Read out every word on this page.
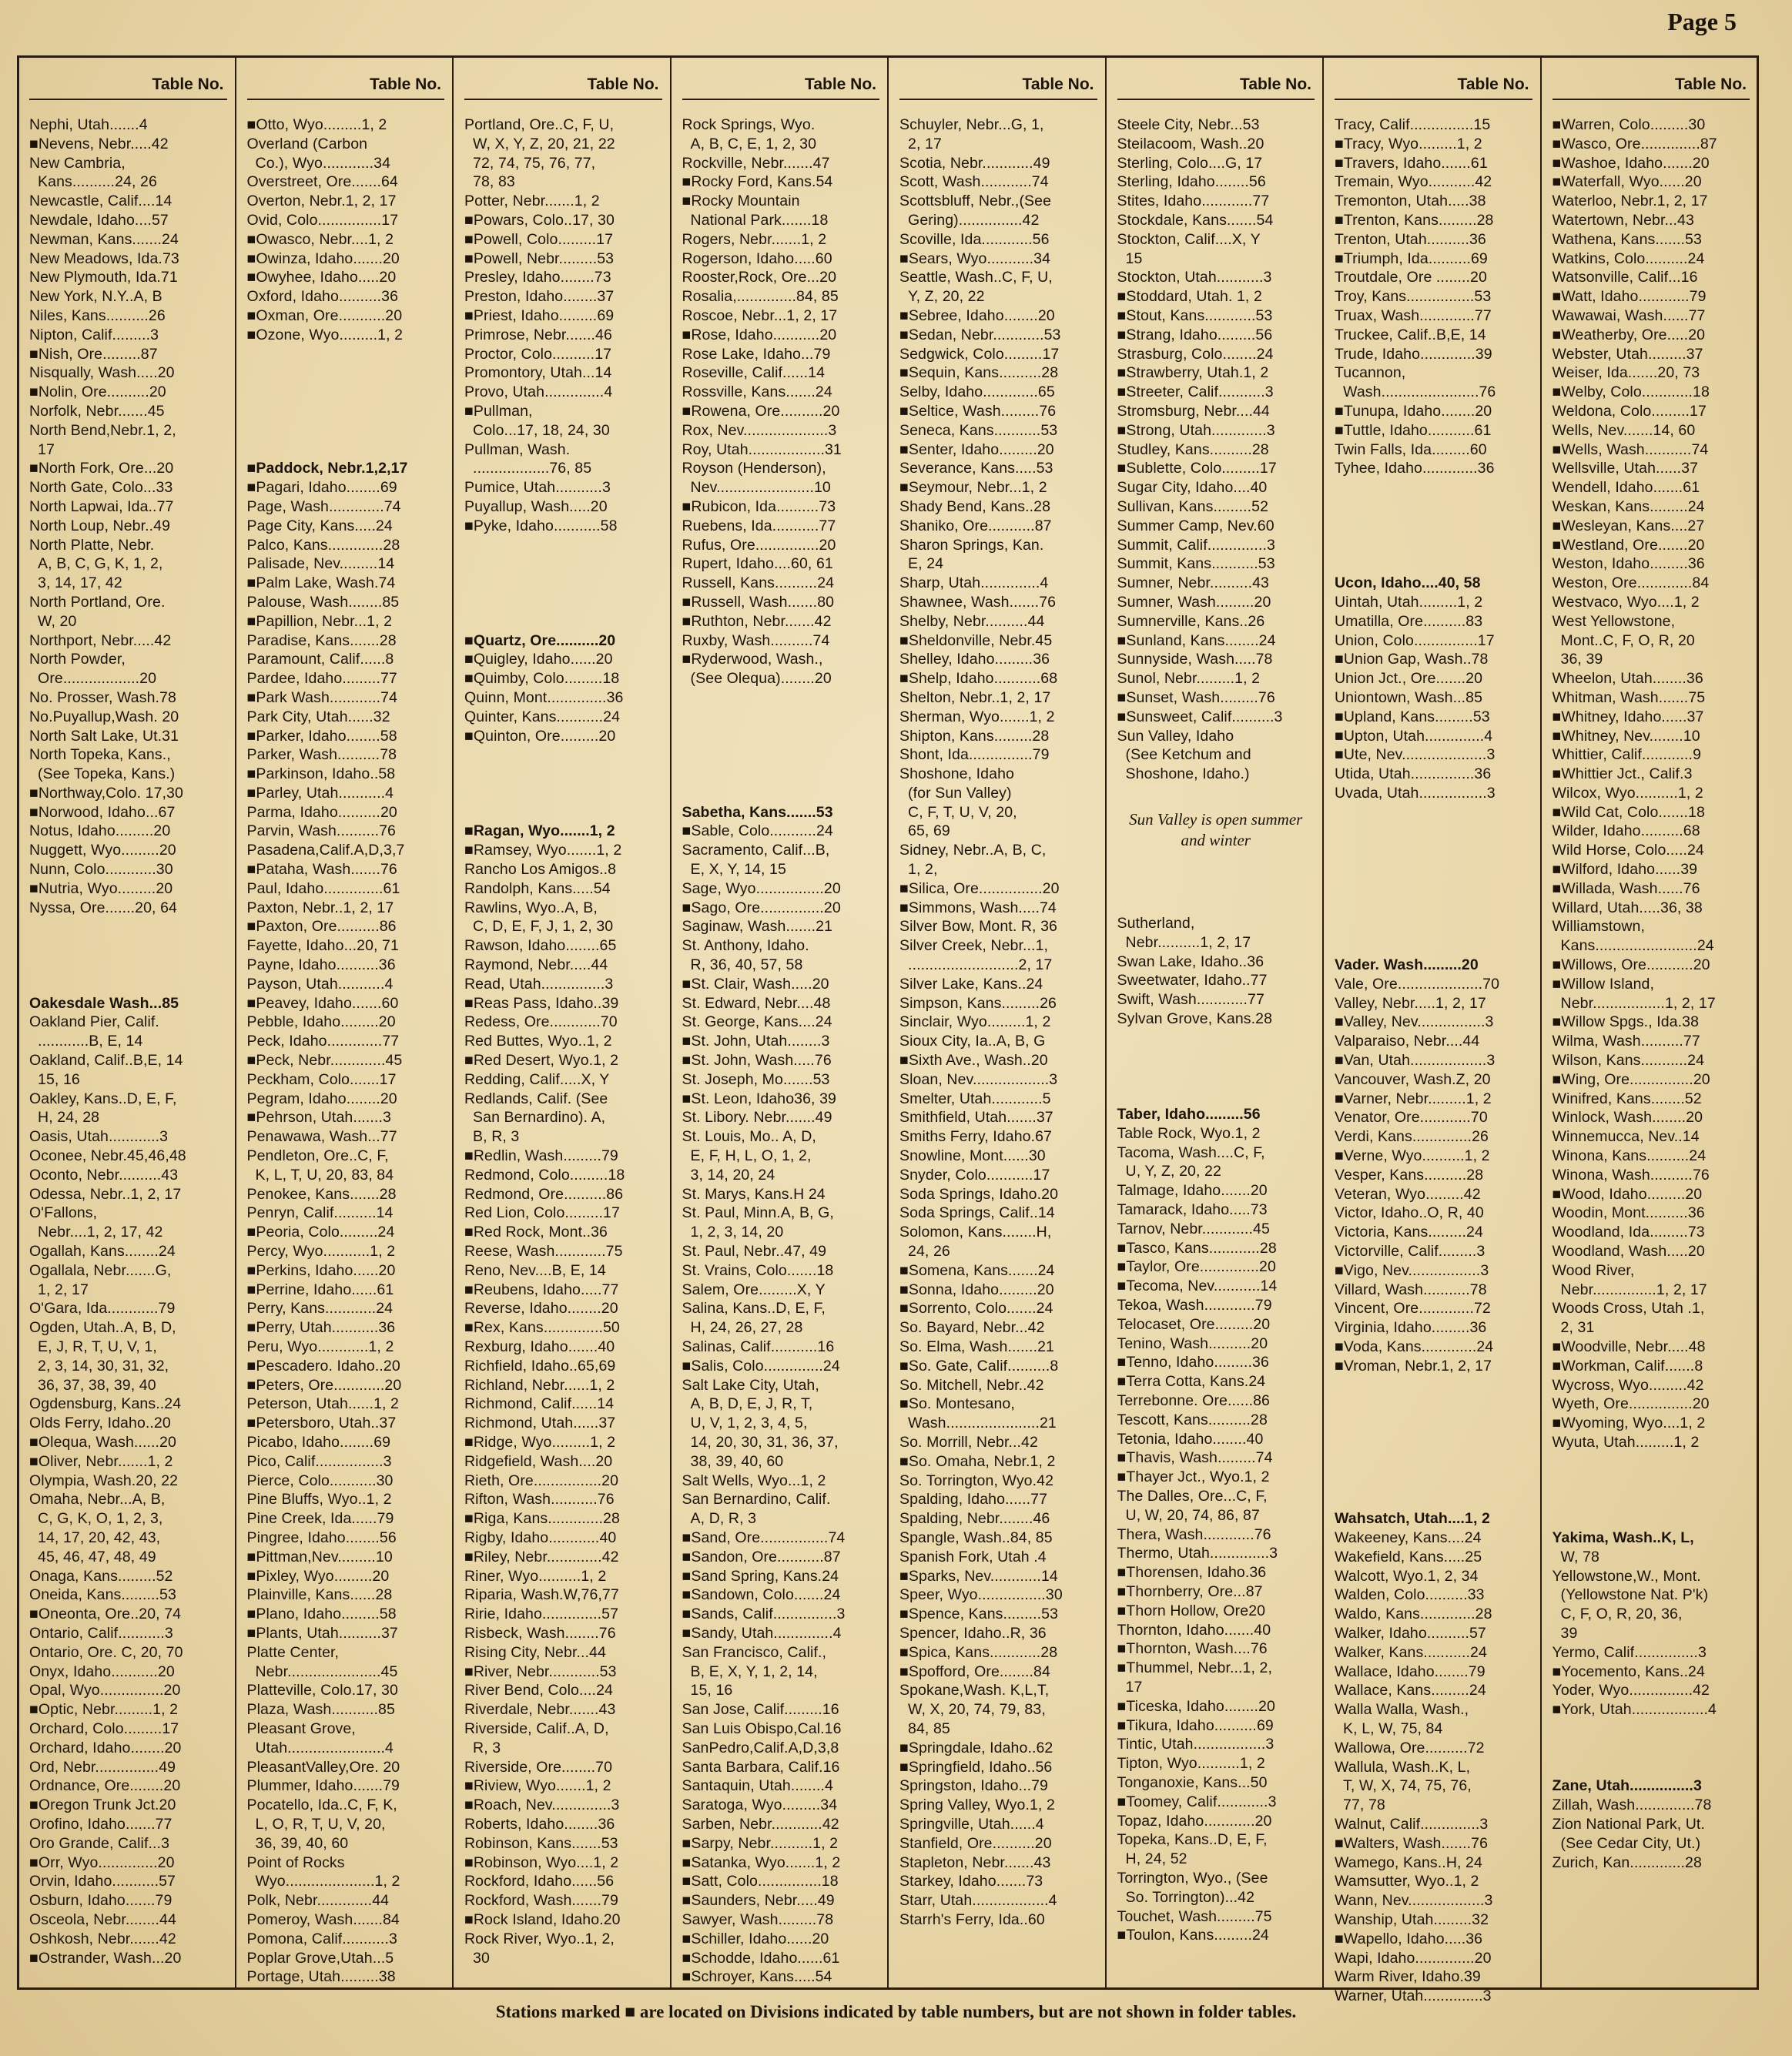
Page 5
Table No.
Nephi, Utah.......4
■Nevens, Nebr.....42
New Cambria,
Kans..........24, 26
Newcastle, Calif....14
Newdale, Idaho....57
Newman, Kans.......24
New Meadows, Ida.73
New Plymouth, Ida.71
New York, N.Y..A, B
Niles, Kans..........26
Nipton, Calif.........3
■Nish, Ore.........87
Nisqually, Wash.....20
■Nolin, Ore..........20
Norfolk, Nebr.......45
North Bend,Nebr.1, 2,
17
■North Fork, Ore...20
North Gate, Colo...33
North Lapwai, Ida..77
North Loup, Nebr..49
North Platte, Nebr.
A, B, C, G, K, 1, 2,
3, 14, 17, 42
North Portland, Ore.
W, 20
Northport, Nebr.....42
North Powder,
Ore..................20
No. Prosser, Wash.78
No.Puyallup,Wash. 20
North Salt Lake, Ut.31
North Topeka, Kans.,
(See Topeka, Kans.)
■Northway,Colo. 17,30
■Norwood, Idaho...67
Notus, Idaho.........20
Nuggett, Wyo.........20
Nunn, Colo............30
■Nutria, Wyo.........20
Nyssa, Ore.......20, 64
Oakesdale Wash...85
Oakland Pier, Calif.
............B, E, 14
Oakland, Calif..B,E, 14
15, 16
Oakley, Kans..D, E, F,
H, 24, 28
Oasis, Utah............3
Oconee, Nebr.45,46,48
Oconto, Nebr..........43
Odessa, Nebr..1, 2, 17
O'Fallons,
Nebr....1, 2, 17, 42
Ogallah, Kans........24
Ogallala, Nebr.......G,
1, 2, 17
O'Gara, Ida............79
Ogden, Utah..A, B, D,
E, J, R, T, U, V, 1,
2, 3, 14, 30, 31, 32,
36, 37, 38, 39, 40
Ogdensburg, Kans..24
Olds Ferry, Idaho..20
■Olequa, Wash......20
■Oliver, Nebr.......1, 2
Olympia, Wash.20, 22
Omaha, Nebr...A, B,
C, G, K, O, 1, 2, 3,
14, 17, 20, 42, 43,
45, 46, 47, 48, 49
Onaga, Kans.........52
Oneida, Kans.........53
■Oneonta, Ore..20, 74
Ontario, Calif...........3
Ontario, Ore. C, 20, 70
Onyx, Idaho...........20
Opal, Wyo...............20
■Optic, Nebr.........1, 2
Orchard, Colo.........17
Orchard, Idaho........20
Ord, Nebr...............49
Ordnance, Ore........20
■Oregon Trunk Jct.20
Orofino, Idaho.......77
Oro Grande, Calif...3
■Orr, Wyo..............20
Orvin, Idaho...........57
Osburn, Idaho.......79
Osceola, Nebr........44
Oshkosh, Nebr.......42
■Ostrander, Wash...20
Table No.
■Otto, Wyo.........1, 2
Overland (Carbon
Co.), Wyo............34
Overstreet, Ore.......64
Overton, Nebr.1, 2, 17
Ovid, Colo...............17
■Owasco, Nebr....1, 2
■Owinza, Idaho.......20
■Owyhee, Idaho.....20
Oxford, Idaho..........36
■Oxman, Ore...........20
■Ozone, Wyo.........1, 2
■Paddock, Nebr.1,2,17
■Pagari, Idaho........69
Page, Wash.............74
Page City, Kans.....24
Palco, Kans.............28
Palisade, Nev.........14
■Palm Lake, Wash.74
Palouse, Wash........85
■Papillion, Nebr...1, 2
Paradise, Kans.......28
Paramount, Calif......8
Pardee, Idaho.........77
■Park Wash............74
Park City, Utah......32
■Parker, Idaho........58
Parker, Wash..........78
■Parkinson, Idaho..58
■Parley, Utah...........4
Parma, Idaho..........20
Parvin, Wash..........76
Pasadena,Calif.A,D,3,7
■Pataha, Wash.......76
Paul, Idaho..............61
Paxton, Nebr..1, 2, 17
■Paxton, Ore..........86
Fayette, Idaho...20, 71
Payne, Idaho..........36
Payson, Utah...........4
■Peavey, Idaho.......60
Pebble, Idaho.........20
Peck, Idaho.............77
■Peck, Nebr.............45
Peckham, Colo.......17
Pegram, Idaho........20
■Pehrson, Utah.......3
Penawawa, Wash...77
Pendleton, Ore..C, F,
K, L, T, U, 20, 83, 84
Penokee, Kans.......28
Penryn, Calif..........14
■Peoria, Colo.........24
Percy, Wyo...........1, 2
■Perkins, Idaho......20
■Perrine, Idaho......61
Perry, Kans............24
■Perry, Utah...........36
Peru, Wyo............1, 2
■Pescadero. Idaho..20
■Peters, Ore............20
Peterson, Utah......1, 2
■Petersboro, Utah..37
Picabo, Idaho........69
Pico, Calif................3
Pierce, Colo...........30
Pine Bluffs, Wyo..1, 2
Pine Creek, Ida......79
Pingree, Idaho........56
■Pittman,Nev.........10
■Pixley, Wyo.........20
Plainville, Kans......28
■Plano, Idaho.........58
■Plants, Utah..........37
Platte Center,
Nebr......................45
Platteville, Colo.17, 30
Plaza, Wash...........85
Pleasant Grove,
Utah.......................4
PleasantValley,Ore. 20
Plummer, Idaho.......79
Pocatello, Ida..C, F, K,
L, O, R, T, U, V, 20,
36, 39, 40, 60
Point of Rocks
Wyo.....................1, 2
Polk, Nebr.............44
Pomeroy, Wash.......84
Pomona, Calif...........3
Poplar Grove,Utah...5
Portage, Utah.........38
Table No.
Portland, Ore..C, F, U,
W, X, Y, Z, 20, 21, 22
72, 74, 75, 76, 77,
78, 83
Potter, Nebr.......1, 2
■Powars, Colo..17, 30
■Powell, Colo.........17
■Powell, Nebr.........53
Presley, Idaho........73
Preston, Idaho........37
■Priest, Idaho.........69
Primrose, Nebr.......46
Proctor, Colo..........17
Promontory, Utah...14
Provo, Utah..............4
■Pullman,
Colo...17, 18, 24, 30
Pullman, Wash.
..................76, 85
Pumice, Utah...........3
Puyallup, Wash.....20
■Pyke, Idaho...........58
■Quartz, Ore..........20
■Quigley, Idaho......20
■Quimby, Colo.........18
Quinn, Mont..............36
Quinter, Kans...........24
■Quinton, Ore.........20
■Ragan, Wyo.......1, 2
■Ramsey, Wyo.......1, 2
Rancho Los Amigos..8
Randolph, Kans.....54
Rawlins, Wyo..A, B,
C, D, E, F, J, 1, 2, 30
Rawson, Idaho........65
Raymond, Nebr.....44
Read, Utah...............3
■Reas Pass, Idaho..39
Redess, Ore............70
Red Buttes, Wyo..1, 2
■Red Desert, Wyo.1, 2
Redding, Calif.....X, Y
Redlands, Calif. (See
San Bernardino). A,
B, R, 3
■Redlin, Wash.........79
Redmond, Colo.........18
Redmond, Ore..........86
Red Lion, Colo.........17
■Red Rock, Mont..36
Reese, Wash............75
Reno, Nev....B, E, 14
■Reubens, Idaho.....77
Reverse, Idaho........20
■Rex, Kans..............50
Rexburg, Idaho.......40
Richfield, Idaho..65,69
Richland, Nebr......1, 2
Richmond, Calif......14
Richmond, Utah......37
■Ridge, Wyo.........1, 2
Ridgefield, Wash....20
Rieth, Ore................20
Rifton, Wash...........76
■Riga, Kans.............28
Rigby, Idaho............40
■Riley, Nebr.............42
Riner, Wyo..........1, 2
Riparia, Wash.W,76,77
Ririe, Idaho..............57
Risbeck, Wash........76
Rising City, Nebr...44
■River, Nebr............53
River Bend, Colo....24
Riverdale, Nebr.......43
Riverside, Calif..A, D,
R, 3
Riverside, Ore........70
■Riview, Wyo.......1, 2
■Roach, Nev..............3
Roberts, Idaho........36
Robinson, Kans.......53
■Robinson, Wyo....1, 2
Rockford, Idaho......56
Rockford, Wash.......79
■Rock Island, Idaho.20
Rock River, Wyo..1, 2,
30
Table No.
Rock Springs, Wyo.
A, B, C, E, 1, 2, 30
Rockville, Nebr.......47
■Rocky Ford, Kans.54
■Rocky Mountain
National Park.......18
Rogers, Nebr.......1, 2
Rogerson, Idaho.....60
Rooster,Rock, Ore...20
Rosalia,..............84, 85
Roscoe, Nebr...1, 2, 17
■Rose, Idaho...........20
Rose Lake, Idaho...79
Roseville, Calif......14
Rossville, Kans.......24
■Rowena, Ore..........20
Rox, Nev....................3
Roy, Utah..................31
Royson (Henderson),
Nev.......................10
■Rubicon, Ida..........73
Ruebens, Ida...........77
Rufus, Ore...............20
Rupert, Idaho....60, 61
Russell, Kans..........24
■Russell, Wash.......80
■Ruthton, Nebr.......42
Ruxby, Wash..........74
■Ryderwood, Wash.,
(See Olequa)........20
Sabetha, Kans.......53
■Sable, Colo...........24
Sacramento, Calif...B,
E, X, Y, 14, 15
Sage, Wyo................20
■Sago, Ore...............20
Saginaw, Wash.......21
St. Anthony, Idaho.
R, 36, 40, 57, 58
■St. Clair, Wash.....20
St. Edward, Nebr....48
St. George, Kans....24
■St. John, Utah........3
■St. John, Wash.....76
St. Joseph, Mo.......53
■St. Leon, Idaho36, 39
St. Libory. Nebr.......49
St. Louis, Mo.. A, D,
E, F, H, L, O, 1, 2,
3, 14, 20, 24
St. Marys, Kans.H 24
St. Paul, Minn.A, B, G,
1, 2, 3, 14, 20
St. Paul, Nebr..47, 49
St. Vrains, Colo.......18
Salem, Ore.........X, Y
Salina, Kans..D, E, F,
H, 24, 26, 27, 28
Salinas, Calif...........16
■Salis, Colo..............24
Salt Lake City, Utah,
A, B, D, E, J, R, T,
U, V, 1, 2, 3, 4, 5,
14, 20, 30, 31, 36, 37,
38, 39, 40, 60
Salt Wells, Wyo...1, 2
San Bernardino, Calif.
A, D, R, 3
■Sand, Ore................74
■Sandon, Ore...........87
■Sand Spring, Kans.24
■Sandown, Colo.......24
■Sands, Calif...............3
■Sandy, Utah..............4
San Francisco, Calif.,
B, E, X, Y, 1, 2, 14,
15, 16
San Jose, Calif.........16
San Luis Obispo,Cal.16
SanPedro,Calif.A,D,3,8
Santa Barbara, Calif.16
Santaquin, Utah........4
Saratoga, Wyo.........34
Sarben, Nebr............42
■Sarpy, Nebr..........1, 2
■Satanka, Wyo.......1, 2
■Satt, Colo...............18
■Saunders, Nebr.....49
Sawyer, Wash.........78
■Schiller, Idaho......20
■Schodde, Idaho......61
■Schroyer, Kans.....54
Table No.
Schuyler, Nebr...G, 1,
2, 17
Scotia, Nebr............49
Scott, Wash............74
Scottsbluff, Nebr.,(See
Gering)...............42
Scoville, Ida............56
■Sears, Wyo...........34
Seattle, Wash..C, F, U,
Y, Z, 20, 22
■Sebree, Idaho........20
■Sedan, Nebr............53
Sedgwick, Colo.........17
■Sequin, Kans..........28
Selby, Idaho.............65
■Seltice, Wash.........76
Seneca, Kans...........53
■Senter, Idaho.........20
Severance, Kans.....53
■Seymour, Nebr...1, 2
Shady Bend, Kans..28
Shaniko, Ore...........87
Sharon Springs, Kan.
E, 24
Sharp, Utah..............4
Shawnee, Wash.......76
Shelby, Nebr..........44
■Sheldonville, Nebr.45
Shelley, Idaho.........36
■Shelp, Idaho...........68
Shelton, Nebr..1, 2, 17
Sherman, Wyo.......1, 2
Shipton, Kans.........28
Shont, Ida...............79
Shoshone, Idaho
(for Sun Valley)
C, F, T, U, V, 20,
65, 69
Sidney, Nebr..A, B, C,
1, 2,
■Silica, Ore...............20
■Simmons, Wash.....74
Silver Bow, Mont. R, 36
Silver Creek, Nebr...1,
..........................2, 17
Silver Lake, Kans..24
Simpson, Kans.........26
Sinclair, Wyo.........1, 2
Sioux City, Ia..A, B, G
■Sixth Ave., Wash..20
Sloan, Nev..................3
Smelter, Utah............5
Smithfield, Utah.......37
Smiths Ferry, Idaho.67
Snowline, Mont......30
Snyder, Colo...........17
Soda Springs, Idaho.20
Soda Springs, Calif..14
Solomon, Kans........H,
24, 26
■Somena, Kans.......24
■Sonna, Idaho.........20
■Sorrento, Colo.......24
So. Bayard, Nebr...42
So. Elma, Wash.......21
■So. Gate, Calif..........8
So. Mitchell, Nebr..42
■So. Montesano,
Wash......................21
So. Morrill, Nebr...42
■So. Omaha, Nebr.1, 2
So. Torrington, Wyo.42
Spalding, Idaho......77
Spalding, Nebr........46
Spangle, Wash..84, 85
Spanish Fork, Utah .4
■Sparks, Nev............14
Speer, Wyo................30
■Spence, Kans.........53
Spencer, Idaho..R, 36
■Spica, Kans............28
■Spofford, Ore........84
Spokane,Wash. K,L,T,
W, X, 20, 74, 79, 83,
84, 85
■Springdale, Idaho..62
■Springfield, Idaho..56
Springston, Idaho...79
Spring Valley, Wyo.1, 2
Springville, Utah......4
Stanfield, Ore..........20
Stapleton, Nebr.......43
Starkey, Idaho.......73
Starr, Utah..................4
Starrh's Ferry, Ida..60
Table No.
Steele City, Nebr...53
Steilacoom, Wash..20
Sterling, Colo....G, 17
Sterling, Idaho........56
Stites, Idaho............77
Stockdale, Kans.......54
Stockton, Calif....X, Y
15
Stockton, Utah...........3
■Stoddard, Utah. 1, 2
■Stout, Kans............53
■Strang, Idaho.........56
Strasburg, Colo........24
■Strawberry, Utah.1, 2
■Streeter, Calif...........3
Stromsburg, Nebr....44
■Strong, Utah.............3
Studley, Kans..........28
■Sublette, Colo.........17
Sugar City, Idaho....40
Sullivan, Kans.........52
Summer Camp, Nev.60
Summit, Calif..............3
Summit, Kans...........53
Sumner, Nebr..........43
Sumner, Wash.........20
Sumnerville, Kans..26
■Sunland, Kans........24
Sunnyside, Wash.....78
Sunol, Nebr.........1, 2
■Sunset, Wash.........76
■Sunsweet, Calif..........3
Sun Valley, Idaho
(See Ketchum and
Shoshone, Idaho.)
Sun Valley is open summer and winter
Sutherland,
Nebr..........1, 2, 17
Swan Lake, Idaho..36
Sweetwater, Idaho..77
Swift, Wash............77
Sylvan Grove, Kans.28
Taber, Idaho.........56
Table Rock, Wyo.1, 2
Tacoma, Wash....C, F,
U, Y, Z, 20, 22
Talmage, Idaho.......20
Tamarack, Idaho.....73
Tarnov, Nebr............45
■Tasco, Kans............28
■Taylor, Ore..............20
■Tecoma, Nev...........14
Tekoa, Wash............79
Telocaset, Ore.........20
Tenino, Wash..........20
■Tenno, Idaho.........36
■Terra Cotta, Kans.24
Terrebonne. Ore......86
Tescott, Kans..........28
Tetonia, Idaho........40
■Thavis, Wash.........74
■Thayer Jct., Wyo.1, 2
The Dalles, Ore...C, F,
U, W, 20, 74, 86, 87
Thera, Wash............76
Thermo, Utah..............3
■Thorensen, Idaho.36
■Thornberry, Ore...87
■Thorn Hollow, Ore20
Thornton, Idaho.......40
■Thornton, Wash....76
■Thummel, Nebr...1, 2,
17
■Ticeska, Idaho........20
■Tikura, Idaho..........69
Tintic, Utah.................3
Tipton, Wyo..........1, 2
Tonganoxie, Kans...50
■Toomey, Calif............3
Topaz, Idaho............20
Topeka, Kans..D, E, F,
H, 24, 52
Torrington, Wyo., (See
So. Torrington)...42
Touchet, Wash.........75
■Toulon, Kans.........24
Table No.
Tracy, Calif...............15
■Tracy, Wyo.........1, 2
■Travers, Idaho.......61
Tremain, Wyo...........42
Tremonton, Utah.....38
■Trenton, Kans.........28
Trenton, Utah..........36
■Triumph, Ida..........69
Troutdale, Ore ........20
Troy, Kans................53
Truax, Wash.............77
Truckee, Calif..B,E, 14
Trude, Idaho.............39
Tucannon,
Wash.......................76
■Tunupa, Idaho........20
■Tuttle, Idaho...........61
Twin Falls, Ida.........60
Tyhee, Idaho.............36
Ucon, Idaho....40, 58
Uintah, Utah.........1, 2
Umatilla, Ore..........83
Union, Colo...............17
■Union Gap, Wash..78
Union Jct., Ore.......20
Uniontown, Wash...85
■Upland, Kans.........53
■Upton, Utah..............4
■Ute, Nev....................3
Utida, Utah...............36
Uvada, Utah................3
Vader. Wash.........20
Vale, Ore....................70
Valley, Nebr.....1, 2, 17
■Valley, Nev................3
Valparaiso, Nebr....44
■Van, Utah..................3
Vancouver, Wash.Z, 20
■Varner, Nebr.........1, 2
Venator, Ore............70
Verdi, Kans..............26
■Verne, Wyo..........1, 2
Vesper, Kans..........28
Veteran, Wyo.........42
Victor, Idaho..O, R, 40
Victoria, Kans.........24
Victorville, Calif.........3
■Vigo, Nev.................3
Villard, Wash...........78
Vincent, Ore.............72
Virginia, Idaho.........36
■Voda, Kans.............24
■Vroman, Nebr.1, 2, 17
Wahsatch, Utah....1, 2
Wakeeney, Kans....24
Wakefield, Kans.....25
Walcott, Wyo.1, 2, 34
Walden, Colo..........33
Waldo, Kans.............28
Walker, Idaho..........57
Walker, Kans...........24
Wallace, Idaho........79
Wallace, Kans.........24
Walla Walla, Wash.,
K, L, W, 75, 84
Wallowa, Ore..........72
Wallula, Wash..K, L,
T, W, X, 74, 75, 76,
77, 78
Walnut, Calif..............3
■Walters, Wash.......76
Wamego, Kans..H, 24
Wamsutter, Wyo..1, 2
Wann, Nev..................3
Wanship, Utah.........32
■Wapello, Idaho.....36
Wapi, Idaho..............20
Warm River, Idaho.39
Warner, Utah..............3
Table No.
■Warren, Colo.........30
■Wasco, Ore..............87
■Washoe, Idaho.......20
■Waterfall, Wyo......20
Waterloo, Nebr.1, 2, 17
Watertown, Nebr...43
Wathena, Kans.......53
Watkins, Colo..........24
Watsonville, Calif...16
■Watt, Idaho............79
Wawawai, Wash......77
■Weatherby, Ore.....20
Webster, Utah.........37
Weiser, Ida.......20, 73
■Welby, Colo............18
Weldona, Colo.........17
Wells, Nev.......14, 60
■Wells, Wash...........74
Wellsville, Utah......37
Wendell, Idaho.......61
Weskan, Kans.........24
■Wesleyan, Kans....27
■Westland, Ore.......20
Weston, Idaho.........36
Weston, Ore.............84
Westvaco, Wyo....1, 2
West Yellowstone,
Mont..C, F, O, R, 20
36, 39
Wheelon, Utah........36
Whitman, Wash.......75
■Whitney, Idaho......37
■Whitney, Nev........10
Whittier, Calif............9
■Whittier Jct., Calif.3
Wilcox, Wyo..........1, 2
■Wild Cat, Colo.......18
Wilder, Idaho..........68
Wild Horse, Colo.....24
■Wilford, Idaho......39
■Willada, Wash......76
Willard, Utah.....36, 38
Williamstown,
Kans........................24
■Willows, Ore...........20
■Willow Island,
Nebr.................1, 2, 17
■Willow Spgs., Ida.38
Wilma, Wash..........77
Wilson, Kans...........24
■Wing, Ore...............20
Winifred, Kans........52
Winlock, Wash........20
Winnemucca, Nev..14
Winona, Kans..........24
Winona, Wash..........76
■Wood, Idaho.........20
Woodin, Mont..........36
Woodland, Ida.........73
Woodland, Wash.....20
Wood River,
Nebr...............1, 2, 17
Woods Cross, Utah .1,
2, 31
■Woodville, Nebr.....48
■Workman, Calif.......8
Wycross, Wyo.........42
Wyeth, Ore...............20
■Wyoming, Wyo....1, 2
Wyuta, Utah.........1, 2
Yakima, Wash..K, L,
W, 78
Yellowstone,W., Mont.
(Yellowstone Nat. P'k)
C, F, O, R, 20, 36,
39
Yermo, Calif...............3
■Yocemento, Kans..24
Yoder, Wyo...............42
■York, Utah..................4
Zane, Utah...............3
Zillah, Wash..............78
Zion National Park, Ut.
(See Cedar City, Ut.)
Zurich, Kan.............28
Stations marked ■ are located on Divisions indicated by table numbers, but are not shown in folder tables.
